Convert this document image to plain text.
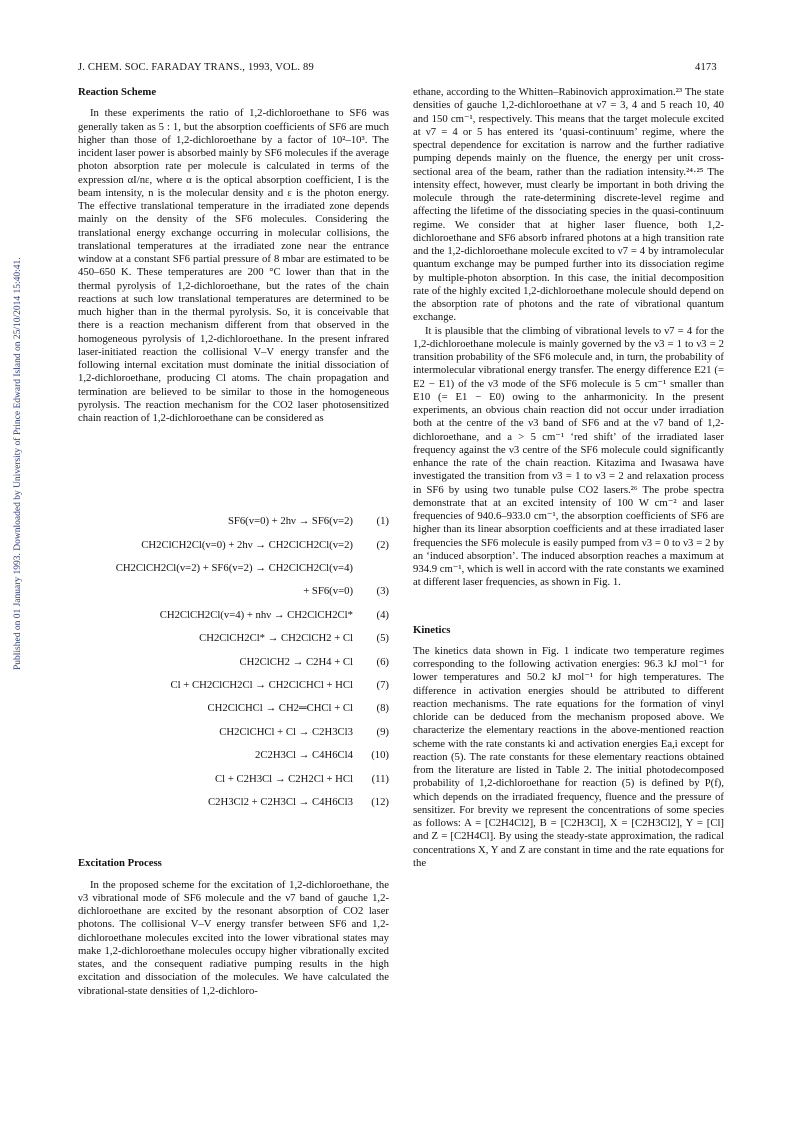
J. CHEM. SOC. FARADAY TRANS., 1993, VOL. 89	4173
Published on 01 January 1993. Downloaded by University of Prince Edward Island on 25/10/2014 15:40:41.

Reaction Scheme

In these experiments the ratio of 1,2-dichloroethane to SF6 was generally taken as 5 : 1, but the absorption coefficients of SF6 are much higher than those of 1,2-dichloroethane by a factor of 10²–10³. The incident laser power is absorbed mainly by SF6 molecules if the average photon absorption rate per molecule is calculated in terms of the expression αI/nε, where α is the optical absorption coefficient, I is the beam intensity, n is the molecular density and ε is the photon energy. The effective translational temperature in the irradiated zone depends mainly on the density of the SF6 molecules. Considering the translational energy exchange occurring in molecular collisions, the translational temperatures at the irradiated zone near the entrance window at a constant SF6 partial pressure of 8 mbar are estimated to be 450–650 K. These temperatures are 200 °C lower than that in the thermal pyrolysis of 1,2-dichloroethane, but the rates of the chain reactions at such low translational temperatures are determined to be much higher than in the thermal pyrolysis. So, it is conceivable that there is a reaction mechanism different from that observed in the homogeneous pyrolysis of 1,2-dichloroethane. In the present infrared laser-initiated reaction the collisional V–V energy transfer and the following internal excitation must dominate the initial dissociation of 1,2-dichloroethane, producing Cl atoms. The chain propagation and termination are believed to be similar to those in the homogeneous pyrolysis. The reaction mechanism for the CO2 laser photosensitized chain reaction of 1,2-dichloroethane can be considered as

SF6(v=0) + 2hν → SF6(v=2) (1)
CH2ClCH2Cl(v=0) + 2hν → CH2ClCH2Cl(v=2) (2)
CH2ClCH2Cl(v=2) + SF6(v=2) → CH2ClCH2Cl(v=4)
+ SF6(v=0) (3)
CH2ClCH2Cl(v=4) + nhν → CH2ClCH2Cl* (4)
CH2ClCH2Cl* → CH2ClCH2 + Cl (5)
CH2ClCH2 → C2H4 + Cl (6)
Cl + CH2ClCH2Cl → CH2ClCHCl + HCl (7)
CH2ClCHCl → CH2═CHCl + Cl (8)
CH2ClCHCl + Cl → C2H3Cl3 (9)
2C2H3Cl → C4H6Cl4 (10)
Cl + C2H3Cl → C2H2Cl + HCl (11)
C2H3Cl2 + C2H3Cl → C4H6Cl3 (12)

Excitation Process

In the proposed scheme for the excitation of 1,2-dichloroethane, the ν3 vibrational mode of SF6 molecule and the ν7 band of gauche 1,2-dichloroethane are excited by the resonant absorption of CO2 laser photons. The collisional V–V energy transfer between SF6 and 1,2-dichloroethane molecules excited into the lower vibrational states may make 1,2-dichloroethane molecules occupy higher vibrationally excited states, and the consequent radiative pumping results in the high excitation and dissociation of the molecules. We have calculated the vibrational-state densities of 1,2-dichloro-

ethane, according to the Whitten–Rabinovich approximation.²³ The state densities of gauche 1,2-dichloroethane at ν7 = 3, 4 and 5 reach 10, 40 and 150 cm⁻¹, respectively. This means that the target molecule excited at ν7 = 4 or 5 has entered its ‘quasi-continuum’ regime, where the spectral dependence for excitation is narrow and the further radiative pumping depends mainly on the fluence, the energy per unit cross-sectional area of the beam, rather than the radiation intensity.²⁴·²⁵ The intensity effect, however, must clearly be important in both driving the molecule through the rate-determining discrete-level regime and affecting the lifetime of the dissociating species in the quasi-continuum regime. We consider that at higher laser fluence, both 1,2-dichloroethane and SF6 absorb infrared photons at a high transition rate and the 1,2-dichloroethane molecule excited to ν7 = 4 by intramolecular quantum exchange may be pumped further into its dissociation regime by multiple-photon absorption. In this case, the initial decomposition rate of the highly excited 1,2-dichloroethane molecule should depend on the absorption rate of photons and the rate of vibrational quantum exchange.

It is plausible that the climbing of vibrational levels to ν7 = 4 for the 1,2-dichloroethane molecule is mainly governed by the ν3 = 1 to ν3 = 2 transition probability of the SF6 molecule and, in turn, the probability of intermolecular vibrational energy transfer. The energy difference E21 (= E2 − E1) of the ν3 mode of the SF6 molecule is 5 cm⁻¹ smaller than E10 (= E1 − E0) owing to the anharmonicity. In the present experiments, an obvious chain reaction did not occur under irradiation both at the centre of the ν3 band of SF6 and at the ν7 band of 1,2-dichloroethane, and a > 5 cm⁻¹ ‘red shift’ of the irradiated laser frequency against the ν3 centre of the SF6 molecule could significantly enhance the rate of the chain reaction. Kitazima and Iwasawa have investigated the transition from ν3 = 1 to ν3 = 2 and relaxation process in SF6 by using two tunable pulse CO2 lasers.²⁶ The probe spectra demonstrate that at an excited intensity of 100 W cm⁻² and laser frequencies of 940.6–933.0 cm⁻¹, the absorption coefficients of SF6 are higher than its linear absorption coefficients and at these irradiated laser frequencies the SF6 molecule is easily pumped from ν3 = 0 to ν3 = 2 by an ‘induced absorption’. The induced absorption reaches a maximum at 934.9 cm⁻¹, which is well in accord with the rate constants we examined at different laser frequencies, as shown in Fig. 1.

Kinetics

The kinetics data shown in Fig. 1 indicate two temperature regimes corresponding to the following activation energies: 96.3 kJ mol⁻¹ for lower temperatures and 50.2 kJ mol⁻¹ for high temperatures. The difference in activation energies should be attributed to different reaction mechanisms. The rate equations for the formation of vinyl chloride can be deduced from the mechanism proposed above. We characterize the elementary reactions in the above-mentioned reaction scheme with the rate constants ki and activation energies Ea,i except for reaction (5). The rate constants for these elementary reactions obtained from the literature are listed in Table 2. The initial photodecomposed probability of 1,2-dichloroethane for reaction (5) is defined by P(f), which depends on the irradiated frequency, fluence and the pressure of sensitizer. For brevity we represent the concentrations of some species as follows: A = [C2H4Cl2], B = [C2H3Cl], X = [C2H3Cl2], Y = [Cl] and Z = [C2H4Cl]. By using the steady-state approximation, the radical concentrations X, Y and Z are constant in time and the rate equations for the
